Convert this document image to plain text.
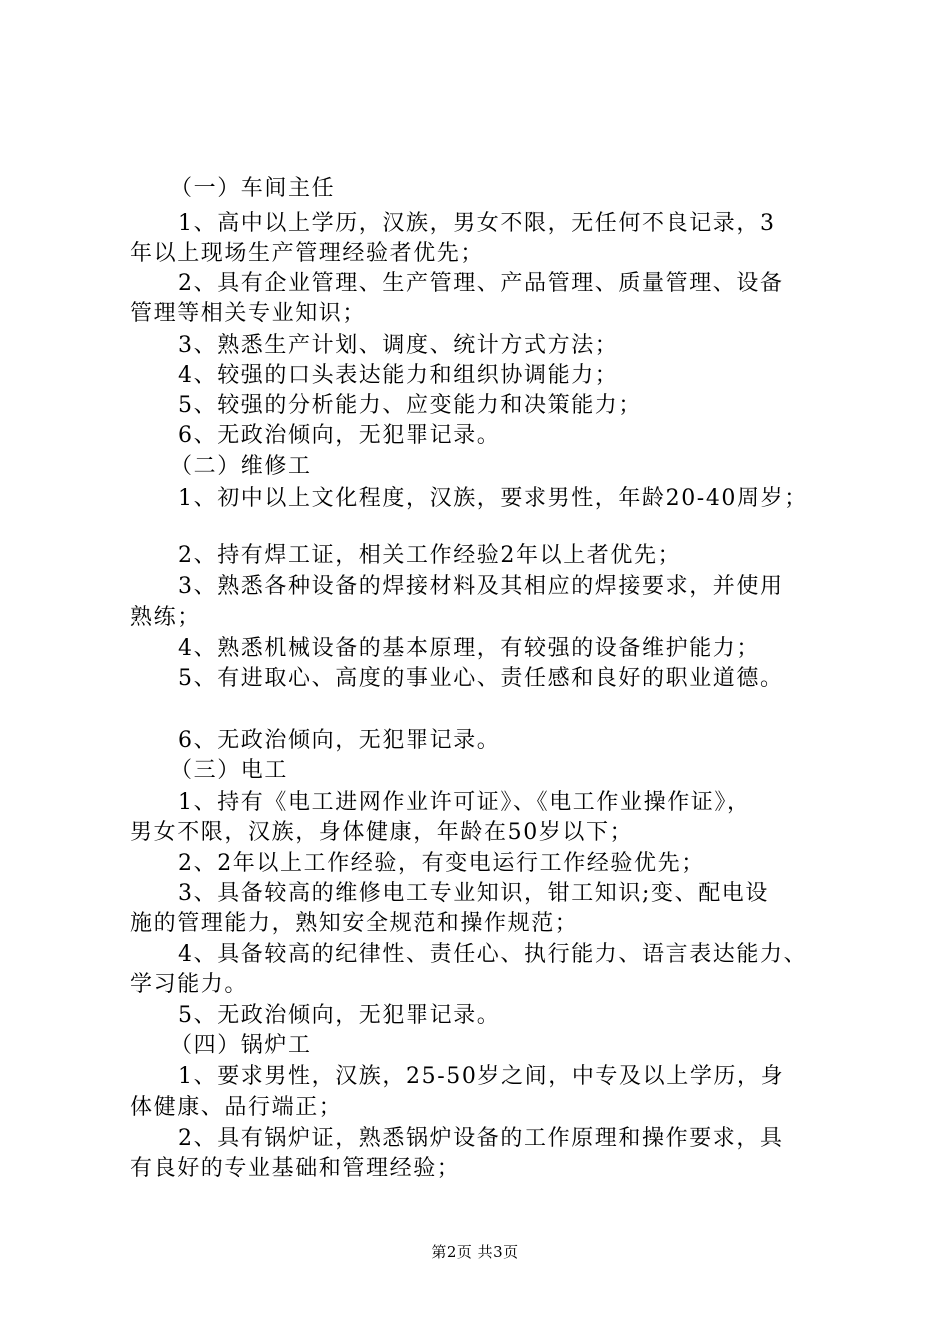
（一）车间主任

1、高中以上学历，汉族，男女不限，无任何不良记录，3

年以上现场生产管理经验者优先；

2、具有企业管理、生产管理、产品管理、质量管理、设备

管理等相关专业知识；

3、熟悉生产计划、调度、统计方式方法；

4、较强的口头表达能力和组织协调能力；

5、较强的分析能力、应变能力和决策能力；

6、无政治倾向，无犯罪记录。

（二）维修工

1、初中以上文化程度，汉族，要求男性，年龄20-40周岁；

2、持有焊工证，相关工作经验2年以上者优先；

3、熟悉各种设备的焊接材料及其相应的焊接要求，并使用

熟练；

4、熟悉机械设备的基本原理，有较强的设备维护能力；

5、有进取心、高度的事业心、责任感和良好的职业道德。

6、无政治倾向，无犯罪记录。

（三）电工

1、持有《电工进网作业许可证》、《电工作业操作证》，

男女不限，汉族，身体健康，年龄在50岁以下；

2、2年以上工作经验，有变电运行工作经验优先；

3、具备较高的维修电工专业知识，钳工知识;变、配电设

施的管理能力，熟知安全规范和操作规范；

4、具备较高的纪律性、责任心、执行能力、语言表达能力、

学习能力。

5、无政治倾向，无犯罪记录。

（四）锅炉工

1、要求男性，汉族，25-50岁之间，中专及以上学历，身

体健康、品行端正；

2、具有锅炉证，熟悉锅炉设备的工作原理和操作要求，具

有良好的专业基础和管理经验；

第2页 共3页
